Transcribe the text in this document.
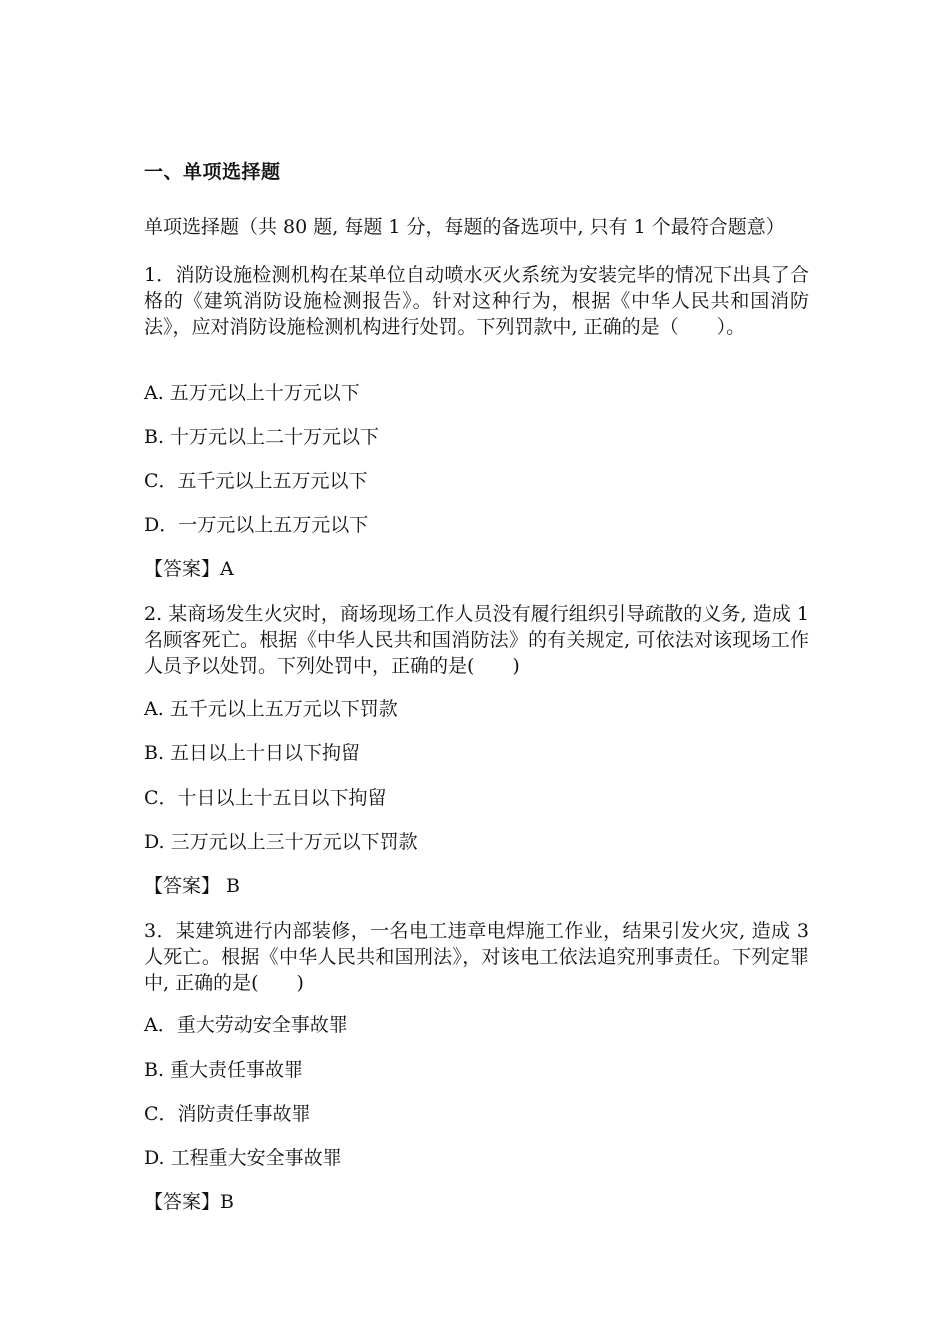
一、单项选择题
单项选择题（共 80 题, 每题 1 分，每题的备选项中, 只有 1 个最符合题意）
1．消防设施检测机构在某单位自动喷水灭火系统为安装完毕的情况下出具了合格的《建筑消防设施检测报告》。针对这种行为，根据《中华人民共和国消防法》，应对消防设施检测机构进行处罚。下列罚款中, 正确的是（　　）。
A. 五万元以上十万元以下
B. 十万元以上二十万元以下
C．五千元以上五万元以下
D．一万元以上五万元以下
【答案】A
2. 某商场发生火灾时，商场现场工作人员没有履行组织引导疏散的义务, 造成 1 名顾客死亡。根据《中华人民共和国消防法》的有关规定, 可依法对该现场工作人员予以处罚。下列处罚中，正确的是(　　)
A. 五千元以上五万元以下罚款
B. 五日以上十日以下拘留
C．十日以上十五日以下拘留
D. 三万元以上三十万元以下罚款
【答案】 B
3．某建筑进行内部装修，一名电工违章电焊施工作业，结果引发火灾, 造成 3 人死亡。根据《中华人民共和国刑法》，对该电工依法追究刑事责任。下列定罪中, 正确的是(　　)
A．重大劳动安全事故罪
B. 重大责任事故罪
C．消防责任事故罪
D. 工程重大安全事故罪
【答案】B
